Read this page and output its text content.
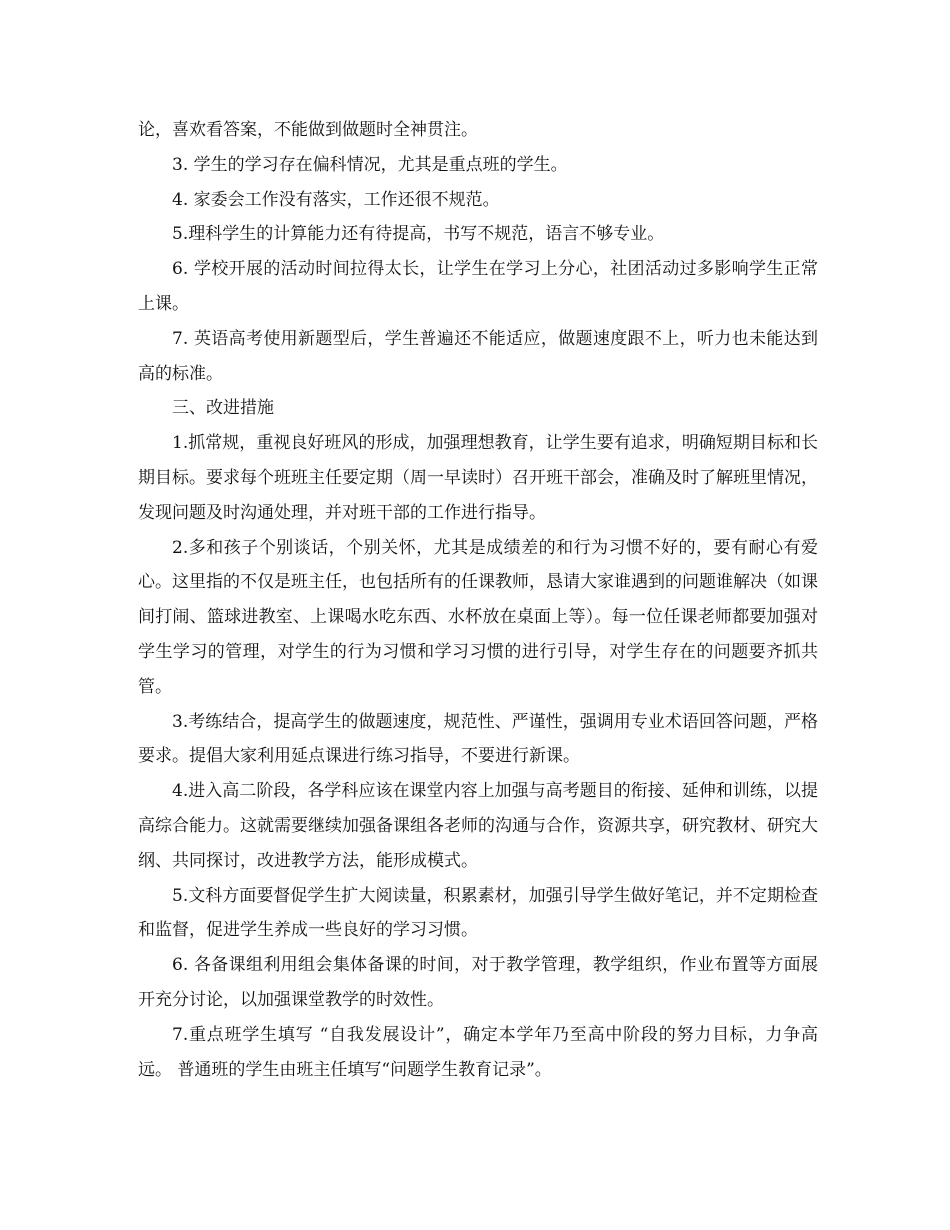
论，喜欢看答案，不能做到做题时全神贯注。

3. 学生的学习存在偏科情况，尤其是重点班的学生。

4. 家委会工作没有落实，工作还很不规范。

5.理科学生的计算能力还有待提高，书写不规范，语言不够专业。

6. 学校开展的活动时间拉得太长，让学生在学习上分心，社团活动过多影响学生正常上课。

7. 英语高考使用新题型后，学生普遍还不能适应，做题速度跟不上，听力也未能达到高的标准。

三、改进措施

1.抓常规，重视良好班风的形成，加强理想教育，让学生要有追求，明确短期目标和长期目标。要求每个班班主任要定期（周一早读时）召开班干部会，准确及时了解班里情况，发现问题及时沟通处理，并对班干部的工作进行指导。

2.多和孩子个别谈话，个别关怀，尤其是成绩差的和行为习惯不好的，要有耐心有爱心。这里指的不仅是班主任，也包括所有的任课教师，恳请大家谁遇到的问题谁解决（如课间打闹、篮球进教室、上课喝水吃东西、水杯放在桌面上等）。每一位任课老师都要加强对学生学习的管理，对学生的行为习惯和学习习惯的进行引导，对学生存在的问题要齐抓共管。

3.考练结合，提高学生的做题速度，规范性、严谨性，强调用专业术语回答问题，严格要求。提倡大家利用延点课进行练习指导，不要进行新课。

4.进入高二阶段，各学科应该在课堂内容上加强与高考题目的衔接、延伸和训练，以提高综合能力。这就需要继续加强备课组各老师的沟通与合作，资源共享，研究教材、研究大纲、共同探讨，改进教学方法，能形成模式。

5.文科方面要督促学生扩大阅读量，积累素材，加强引导学生做好笔记，并不定期检查和监督，促进学生养成一些良好的学习习惯。

6. 各备课组利用组会集体备课的时间，对于教学管理，教学组织，作业布置等方面展开充分讨论，以加强课堂教学的时效性。

7.重点班学生填写 “自我发展设计”，确定本学年乃至高中阶段的努力目标，力争高远。 普通班的学生由班主任填写“问题学生教育记录”。
